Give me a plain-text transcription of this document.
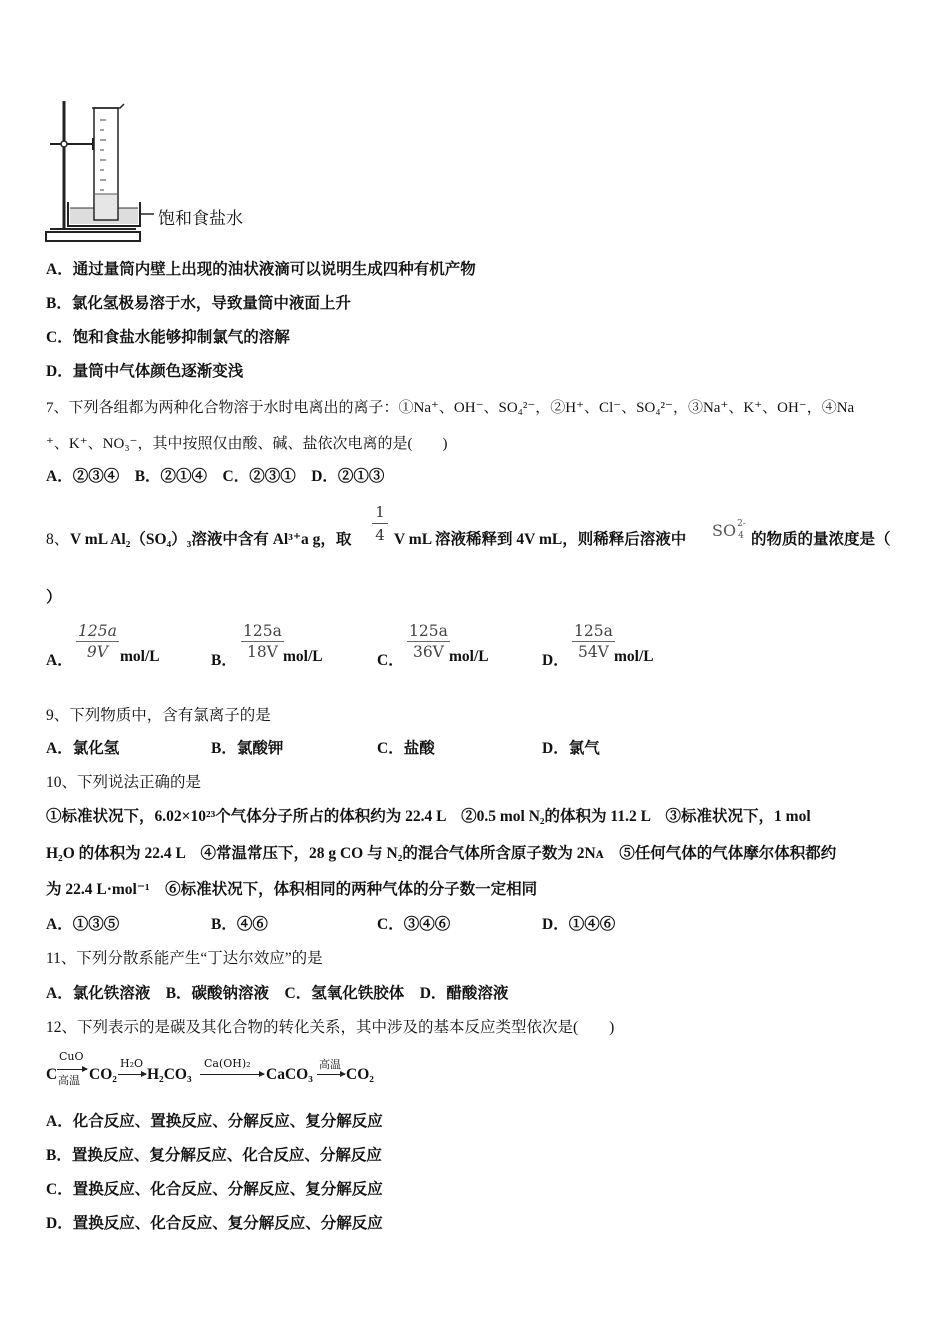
饱和食盐水
A．通过量筒内壁上出现的油状液滴可以说明生成四种有机产物
B．氯化氢极易溶于水，导致量筒中液面上升
C．饱和食盐水能够抑制氯气的溶解
D．量筒中气体颜色逐渐变浅
7、下列各组都为两种化合物溶于水时电离出的离子：①Na⁺、OH⁻、SO₄²⁻，②H⁺、Cl⁻、SO₄²⁻，③Na⁺、K⁺、OH⁻，④Na
⁺、K⁺、NO₃⁻，其中按照仅由酸、碱、盐依次电离的是(　　)
A．②③④　B．②①④　C．②③①　D．②①③
8、 V mL Al₂（SO₄）₃溶液中含有 Al³⁺a g，取
1
4 V mL 溶液稀释到 4V mL，则稀释后溶液中 SO 2-
4 的物质的量浓度是（
）
A．
125a
9V mol/L	B．
125a
18V mol/L	C．
125a
36V mol/L	D．
125a
54V mol/L
9、下列物质中，含有氯离子的是
A．氯化氢	B．氯酸钾	C．盐酸	D．氯气
10、下列说法正确的是
①标准状况下，6.02×10²³个气体分子所占的体积约为 22.4 L　②0.5 mol N₂的体积为 11.2 L　③标准状况下，1 mol
H₂O 的体积为 22.4 L　④常温常压下，28 g CO 与 N₂的混合气体所含原子数为 2Nᴀ　⑤任何气体的气体摩尔体积都约
为 22.4 L·mol⁻¹　⑥标准状况下，体积相同的两种气体的分子数一定相同
A．①③⑤	B．④⑥	C．③④⑥	D．①④⑥
11、下列分散系能产生“丁达尔效应”的是
A．氯化铁溶液　B．碳酸钠溶液　C．氢氧化铁胶体　D．醋酸溶液
12、下列表示的是碳及其化合物的转化关系，其中涉及的基本反应类型依次是(　　)
C
CuO
高温 CO₂
H₂O
H₂CO₃
Ca(OH)₂
CaCO₃
高温
CO₂
A．化合反应、置换反应、分解反应、复分解反应
B．置换反应、复分解反应、化合反应、分解反应
C．置换反应、化合反应、分解反应、复分解反应
D．置换反应、化合反应、复分解反应、分解反应
